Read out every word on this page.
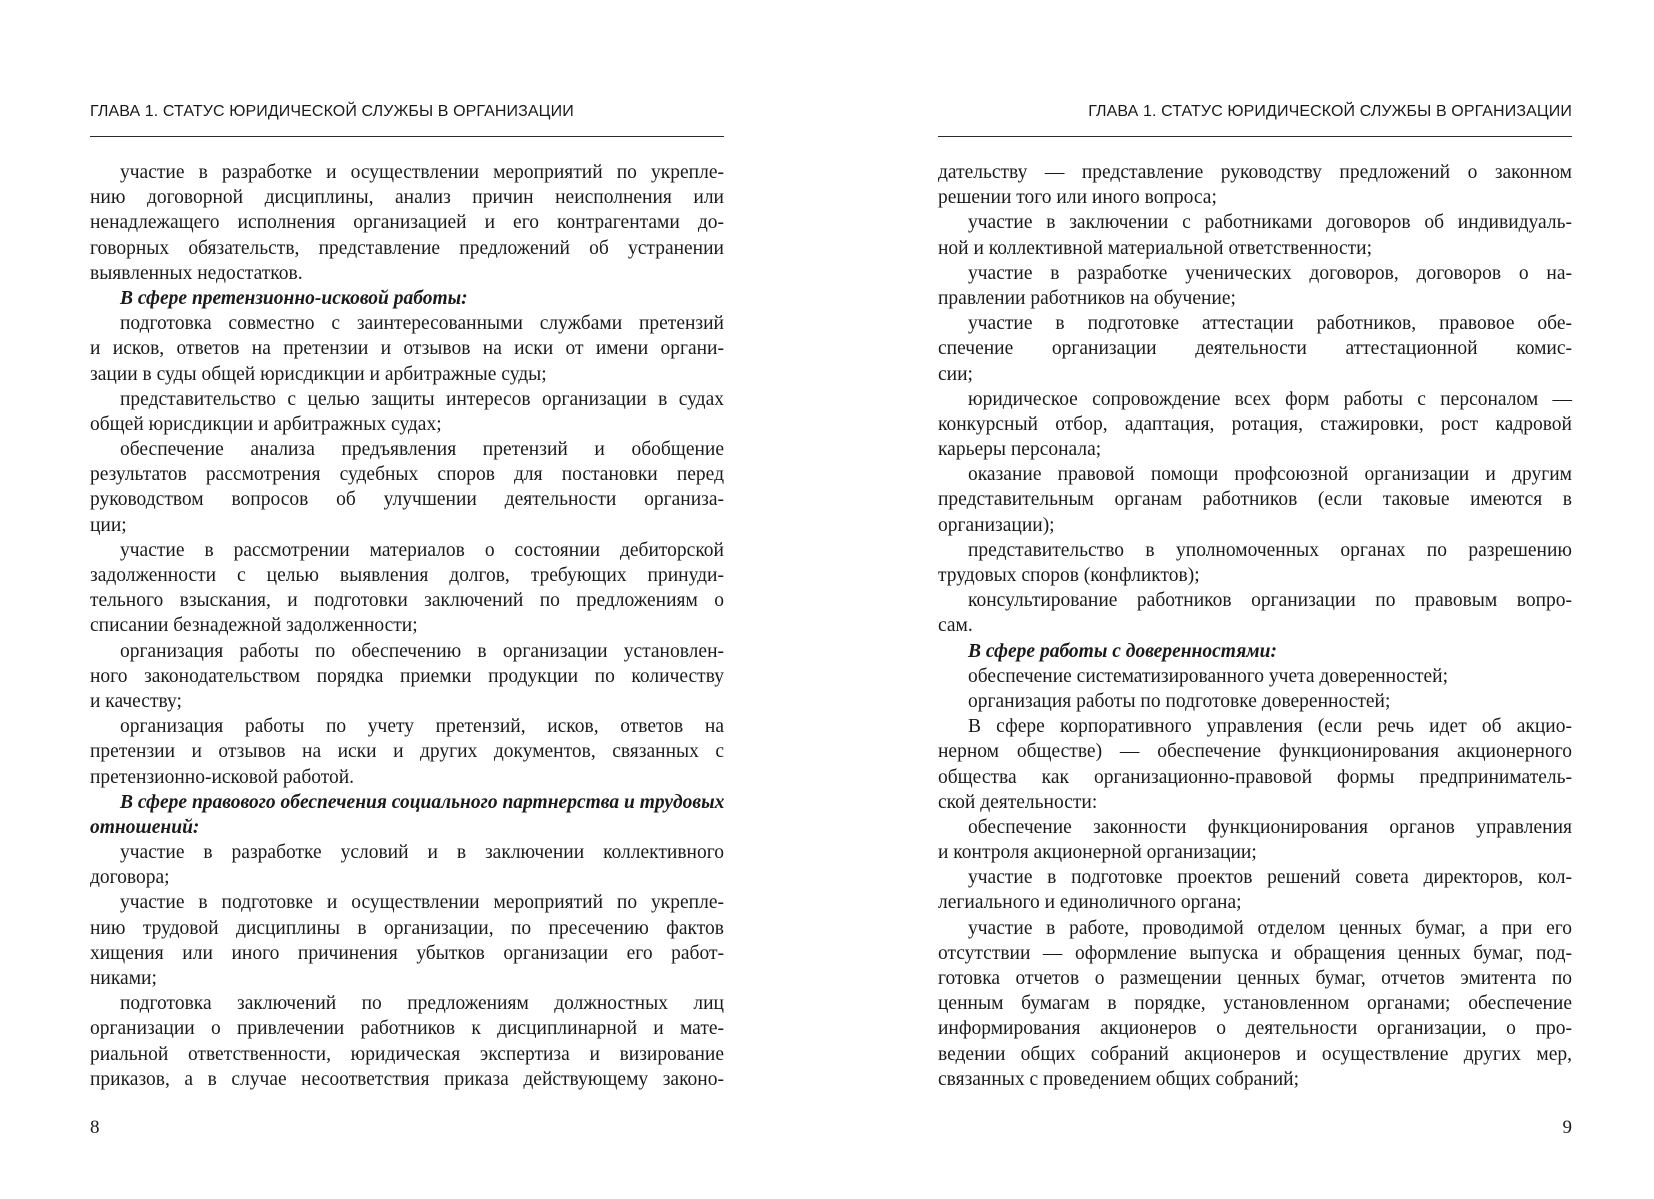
ГЛАВА 1. СТАТУС ЮРИДИЧЕСКОЙ СЛУЖБЫ В ОРГАНИЗАЦИИ
участие в разработке и осуществлении мероприятий по укрепле-
нию договорной дисциплины, анализ причин неисполнения или
ненадлежащего исполнения организацией и его контрагентами до-
говорных обязательств, представление предложений об устранении
выявленных недостатков.
В сфере претензионно-исковой работы:
подготовка совместно с заинтересованными службами претензий
и исков, ответов на претензии и отзывов на иски от имени органи-
зации в суды общей юрисдикции и арбитражные суды;
представительство с целью защиты интересов организации в судах
общей юрисдикции и арбитражных судах;
обеспечение анализа предъявления претензий и обобщение
результатов рассмотрения судебных споров для постановки перед
руководством вопросов об улучшении деятельности организа-
ции;
участие в рассмотрении материалов о состоянии дебиторской
задолженности с целью выявления долгов, требующих принуди-
тельного взыскания, и подготовки заключений по предложениям о
списании безнадежной задолженности;
организация работы по обеспечению в организации установлен-
ного законодательством порядка приемки продукции по количеству
и качеству;
организация работы по учету претензий, исков, ответов на
претензии и отзывов на иски и других документов, связанных с
претензионно-исковой работой.
В сфере правового обеспечения социального партнерства и трудовых
отношений:
участие в разработке условий и в заключении коллективного
договора;
участие в подготовке и осуществлении мероприятий по укрепле-
нию трудовой дисциплины в организации, по пресечению фактов
хищения или иного причинения убытков организации его работ-
никами;
подготовка заключений по предложениям должностных лиц
организации о привлечении работников к дисциплинарной и мате-
риальной ответственности, юридическая экспертиза и визирование
приказов, а в случае несоответствия приказа действующему законо-
8
ГЛАВА 1. СТАТУС ЮРИДИЧЕСКОЙ СЛУЖБЫ В ОРГАНИЗАЦИИ
дательству — представление руководству предложений о законном
решении того или иного вопроса;
участие в заключении с работниками договоров об индивидуаль-
ной и коллективной материальной ответственности;
участие в разработке ученических договоров, договоров о на-
правлении работников на обучение;
участие в подготовке аттестации работников, правовое обе-
спечение организации деятельности аттестационной комис-
сии;
юридическое сопровождение всех форм работы с персоналом —
конкурсный отбор, адаптация, ротация, стажировки, рост кадровой
карьеры персонала;
оказание правовой помощи профсоюзной организации и другим
представительным органам работников (если таковые имеются в
организации);
представительство в уполномоченных органах по разрешению
трудовых споров (конфликтов);
консультирование работников организации по правовым вопро-
сам.
В сфере работы с доверенностями:
обеспечение систематизированного учета доверенностей;
организация работы по подготовке доверенностей;
В сфере корпоративного управления (если речь идет об акцио-
нерном обществе) — обеспечение функционирования акционерного
общества как организационно-правовой формы предприниматель-
ской деятельности:
обеспечение законности функционирования органов управления
и контроля акционерной организации;
участие в подготовке проектов решений совета директоров, кол-
легиального и единоличного органа;
участие в работе, проводимой отделом ценных бумаг, а при его
отсутствии — оформление выпуска и обращения ценных бумаг, под-
готовка отчетов о размещении ценных бумаг, отчетов эмитента по
ценным бумагам в порядке, установленном органами; обеспечение
информирования акционеров о деятельности организации, о про-
ведении общих собраний акционеров и осуществление других мер,
связанных с проведением общих собраний;
9
